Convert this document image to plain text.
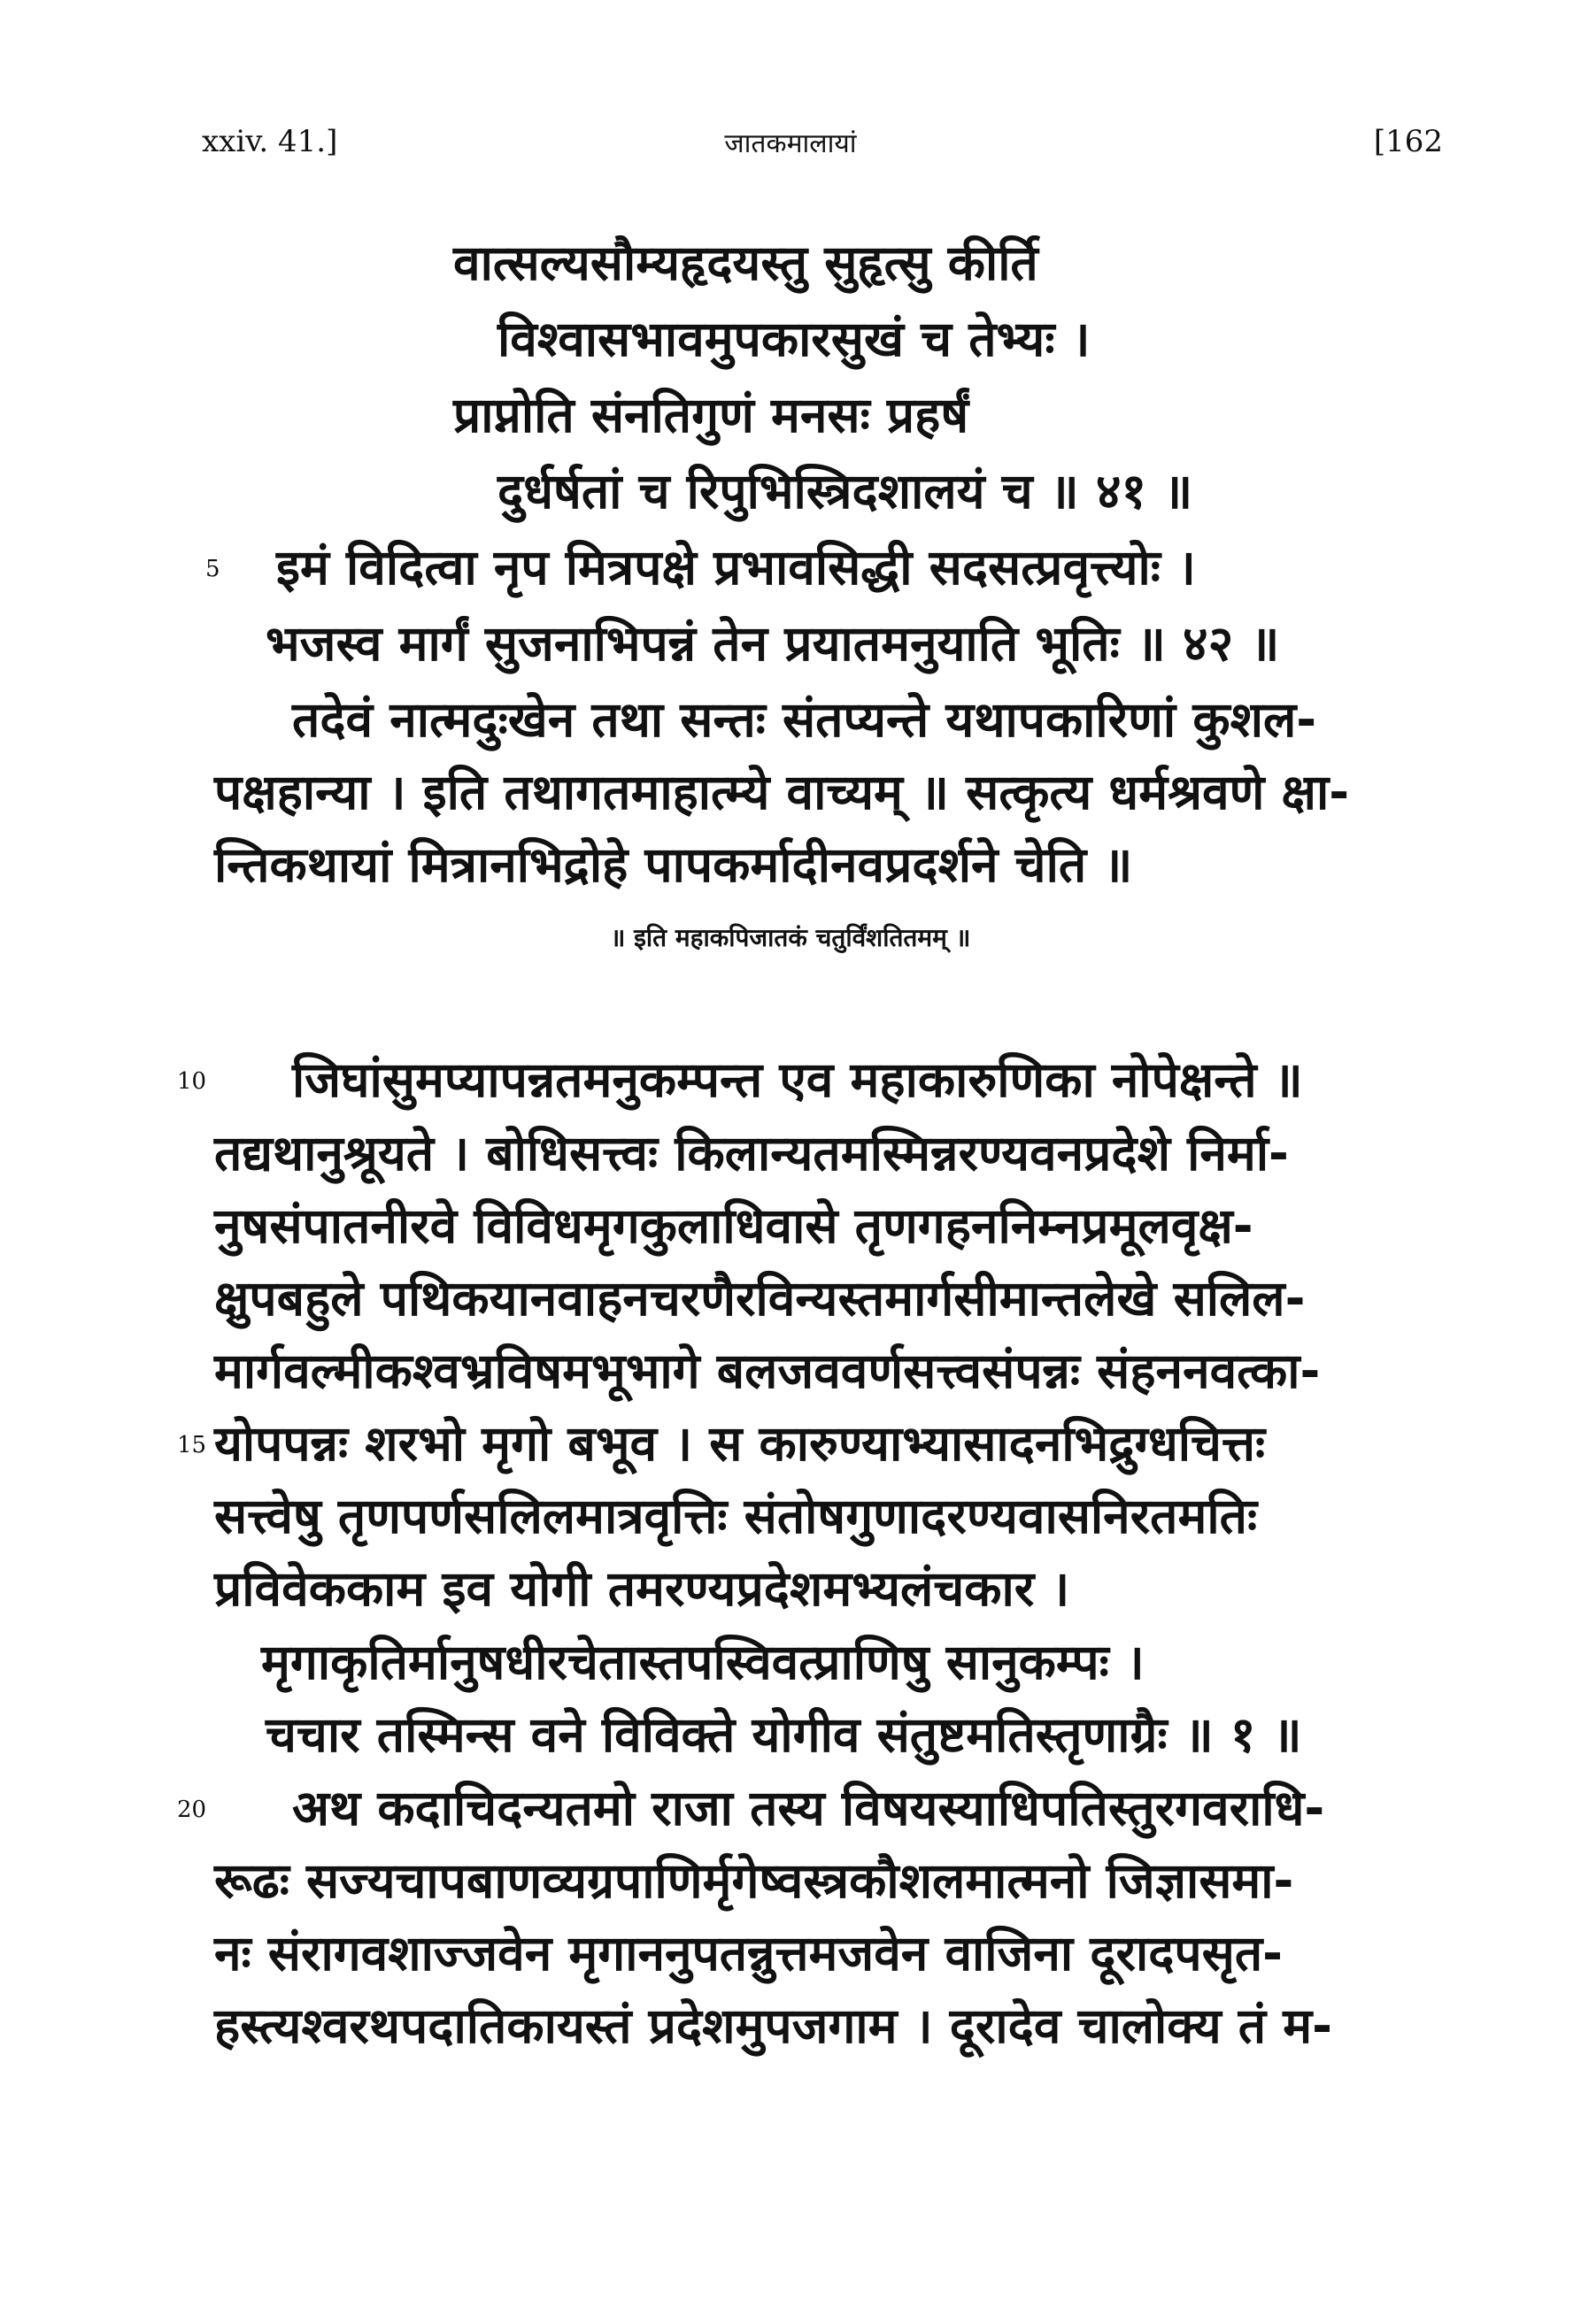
xxiv. 41.]	जातकमालायां	[162
वात्सल्यसौम्यहृदयस्तु सुहृत्सु कीर्ति
विश्वासभावमुपकारसुखं च तेभ्यः ।
प्राप्नोति संनतिगुणं मनसः प्रहर्षं
दुर्धर्षतां च रिपुभिस्त्रिदशालयं च ॥ ४१ ॥
इमं विदित्वा नृप मित्रपक्षे प्रभावसिद्धी सदसत्प्रवृत्त्योः ।
भजस्व मार्गं सुजनाभिपन्नं तेन प्रयातमनुयाति भूतिः ॥ ४२ ॥
तदेवं नात्मदुःखेन तथा सन्तः संतप्यन्ते यथापकारिणां कुशल-
पक्षहान्या । इति तथागतमाहात्म्ये वाच्यम् ॥ सत्कृत्य धर्मश्रवणे क्षा-
न्तिकथायां मित्रानभिद्रोहे पापकर्मादीनवप्रदर्शने चेति ॥
॥ इति महाकपिजातकं चतुर्विंशतितमम् ॥
जिघांसुमप्यापन्नतमनुकम्पन्त एव महाकारुणिका नोपेक्षन्ते ॥
तद्यथानुश्रूयते । बोधिसत्त्वः किलान्यतमस्मिन्नरण्यवनप्रदेशे निर्मा-
नुषसंपातनीरवे विविधमृगकुलाधिवासे तृणगहननिम्नप्रमूलवृक्ष-
क्षुपबहुले पथिकयानवाहनचरणैरविन्यस्तमार्गसीमान्तलेखे सलिल-
मार्गवल्मीकश्वभ्रविषमभूभागे बलजववर्णसत्त्वसंपन्नः संहननवत्का-
योपपन्नः शरभो मृगो बभूव । स कारुण्याभ्यासादनभिद्रुग्धचित्तः
सत्त्वेषु तृणपर्णसलिलमात्रवृत्तिः संतोषगुणादरण्यवासनिरतमतिः
प्रविवेककाम इव योगी तमरण्यप्रदेशमभ्यलंचकार ।
मृगाकृतिर्मानुषधीरचेतास्तपस्विवत्प्राणिषु सानुकम्पः ।
चचार तस्मिन्स वने विविक्ते योगीव संतुष्टमतिस्तृणाग्रैः ॥ १ ॥
अथ कदाचिदन्यतमो राजा तस्य विषयस्याधिपतिस्तुरगवराधि-
रूढः सज्यचापबाणव्यग्रपाणिर्मृगेष्वस्त्रकौशलमात्मनो जिज्ञासमा-
नः संरागवशाज्जवेन मृगाननुपतन्नुत्तमजवेन वाजिना दूरादपसृत-
हस्त्यश्वरथपदातिकायस्तं प्रदेशमुपजगाम । दूरादेव चालोक्य तं म-
5
10
15
20
